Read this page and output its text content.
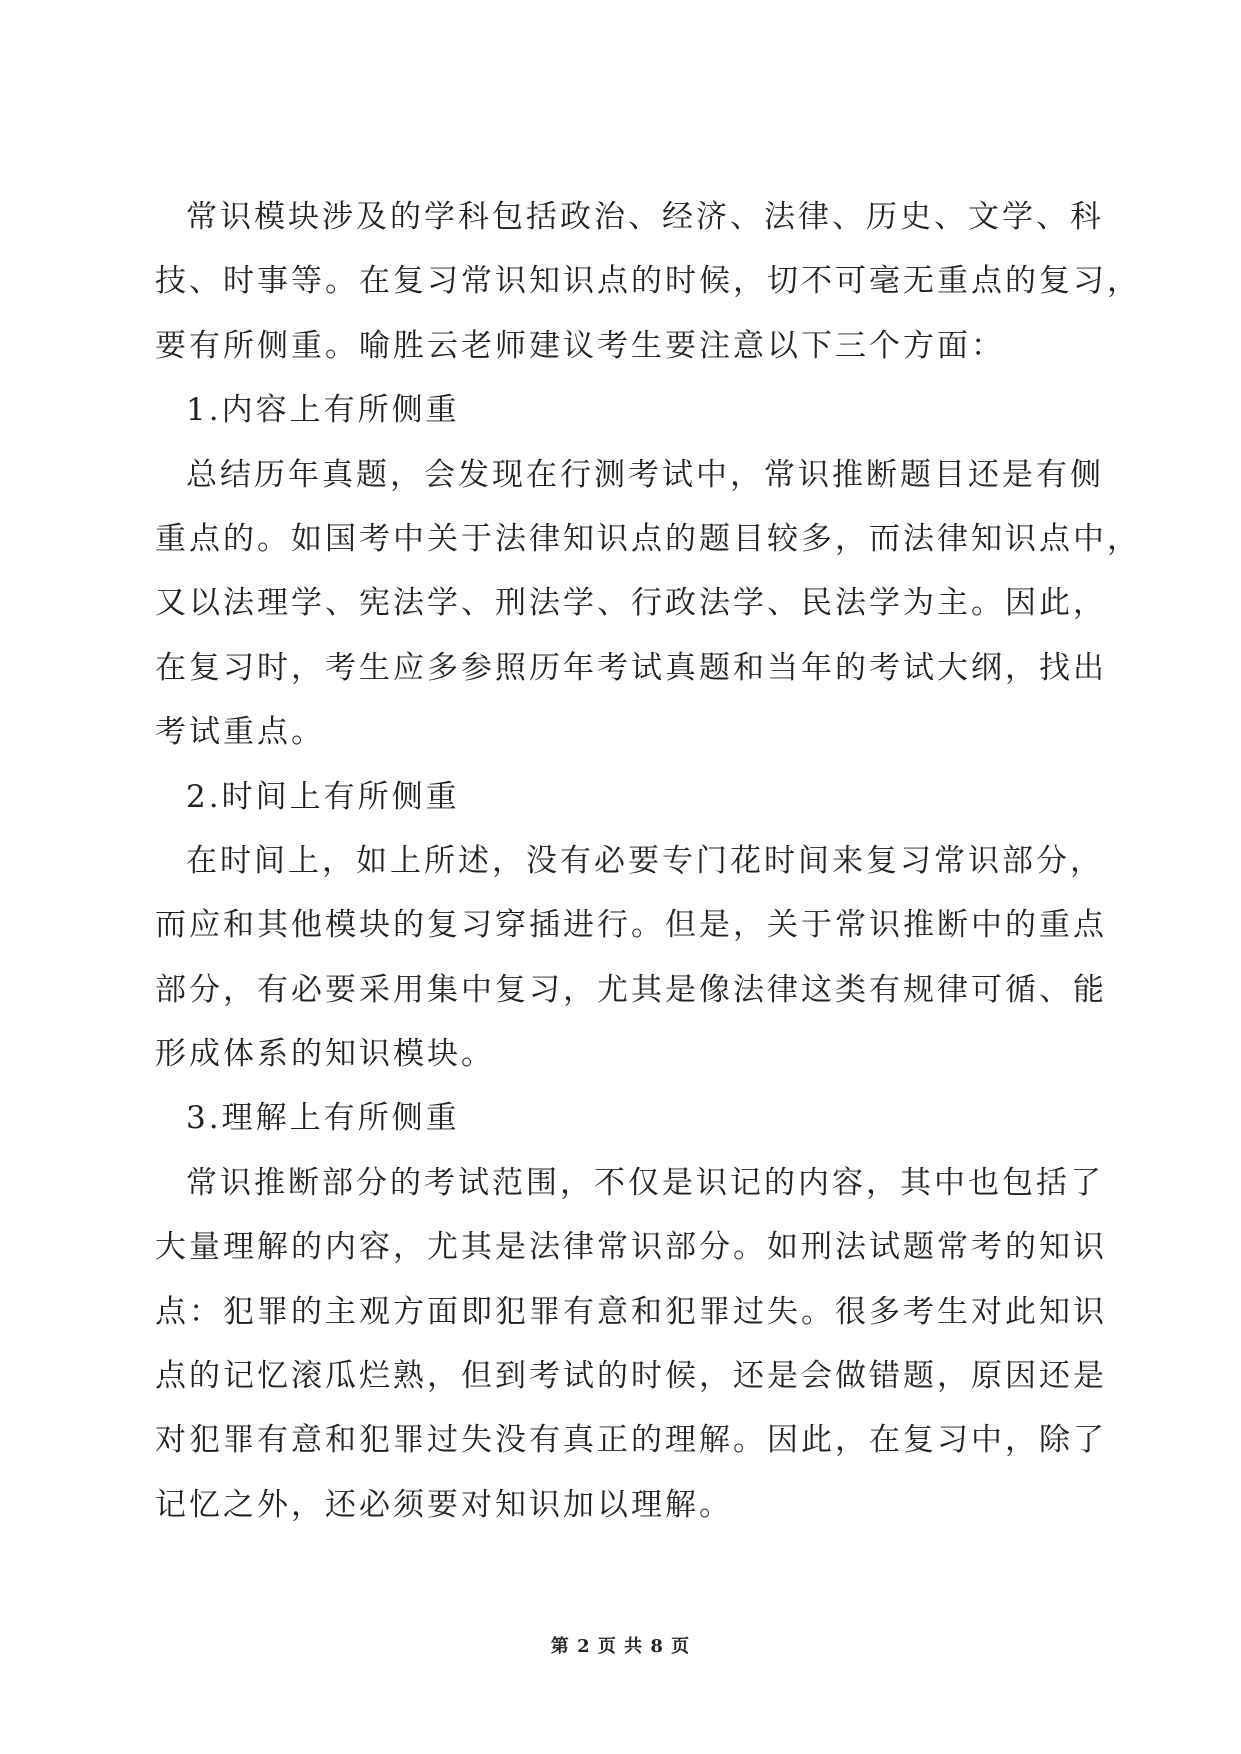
常识模块涉及的学科包括政治、经济、法律、历史、文学、科
技、时事等。在复习常识知识点的时候，切不可毫无重点的复习，
要有所侧重。喻胜云老师建议考生要注意以下三个方面：
1.内容上有所侧重
总结历年真题，会发现在行测考试中，常识推断题目还是有侧
重点的。如国考中关于法律知识点的题目较多，而法律知识点中，
又以法理学、宪法学、刑法学、行政法学、民法学为主。因此，
在复习时，考生应多参照历年考试真题和当年的考试大纲，找出
考试重点。
2.时间上有所侧重
在时间上，如上所述，没有必要专门花时间来复习常识部分，
而应和其他模块的复习穿插进行。但是，关于常识推断中的重点
部分，有必要采用集中复习，尤其是像法律这类有规律可循、能
形成体系的知识模块。
3.理解上有所侧重
常识推断部分的考试范围，不仅是识记的内容，其中也包括了
大量理解的内容，尤其是法律常识部分。如刑法试题常考的知识
点：犯罪的主观方面即犯罪有意和犯罪过失。很多考生对此知识
点的记忆滚瓜烂熟，但到考试的时候，还是会做错题，原因还是
对犯罪有意和犯罪过失没有真正的理解。因此，在复习中，除了
记忆之外，还必须要对知识加以理解。
第 2 页 共 8 页
